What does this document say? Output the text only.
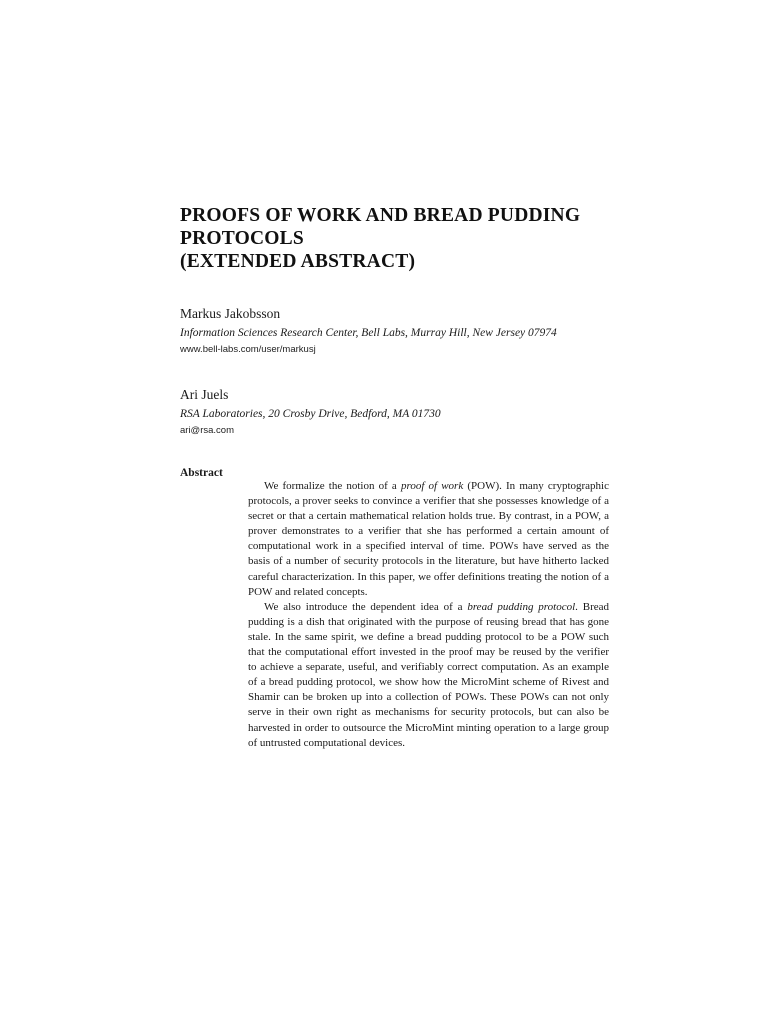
PROOFS OF WORK AND BREAD PUDDING
PROTOCOLS
(EXTENDED ABSTRACT)
Markus Jakobsson
Information Sciences Research Center, Bell Labs, Murray Hill, New Jersey 07974
www.bell-labs.com/user/markusj
Ari Juels
RSA Laboratories, 20 Crosby Drive, Bedford, MA 01730
ari@rsa.com
Abstract

We formalize the notion of a proof of work (POW). In many cryptographic protocols, a prover seeks to convince a verifier that she possesses knowledge of a secret or that a certain mathematical relation holds true. By contrast, in a POW, a prover demonstrates to a verifier that she has performed a certain amount of computational work in a specified interval of time. POWs have served as the basis of a number of security protocols in the literature, but have hitherto lacked careful characterization. In this paper, we offer definitions treating the notion of a POW and related concepts.

We also introduce the dependent idea of a bread pudding protocol. Bread pudding is a dish that originated with the purpose of reusing bread that has gone stale. In the same spirit, we define a bread pudding protocol to be a POW such that the computational effort invested in the proof may be reused by the verifier to achieve a separate, useful, and verifiably correct computation. As an example of a bread pudding protocol, we show how the MicroMint scheme of Rivest and Shamir can be broken up into a collection of POWs. These POWs can not only serve in their own right as mechanisms for security protocols, but can also be harvested in order to outsource the MicroMint minting operation to a large group of untrusted computational devices.
